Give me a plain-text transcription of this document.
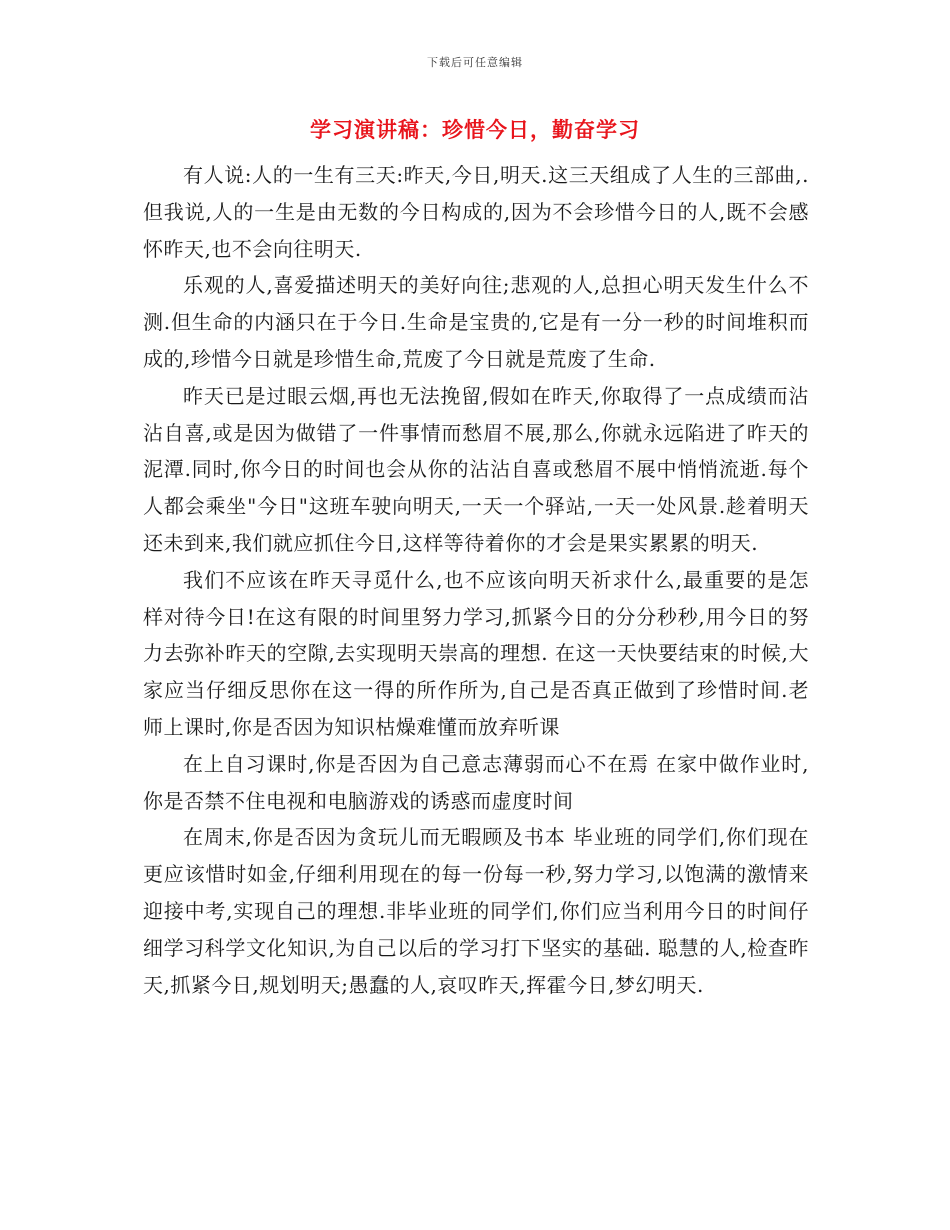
下载后可任意编辑
学习演讲稿：珍惜今日，勤奋学习

有人说:人的一生有三天:昨天,今日,明天.这三天组成了人生的三部曲,.但我说,人的一生是由无数的今日构成的,因为不会珍惜今日的人,既不会感怀昨天,也不会向往明天.

乐观的人,喜爱描述明天的美好向往;悲观的人,总担心明天发生什么不测.但生命的内涵只在于今日.生命是宝贵的,它是有一分一秒的时间堆积而成的,珍惜今日就是珍惜生命,荒废了今日就是荒废了生命.

昨天已是过眼云烟,再也无法挽留,假如在昨天,你取得了一点成绩而沾沾自喜,或是因为做错了一件事情而愁眉不展,那么,你就永远陷进了昨天的泥潭.同时,你今日的时间也会从你的沾沾自喜或愁眉不展中悄悄流逝.每个人都会乘坐"今日"这班车驶向明天,一天一个驿站,一天一处风景.趁着明天还未到来,我们就应抓住今日,这样等待着你的才会是果实累累的明天.

我们不应该在昨天寻觅什么,也不应该向明天祈求什么,最重要的是怎样对待今日!在这有限的时间里努力学习,抓紧今日的分分秒秒,用今日的努力去弥补昨天的空隙,去实现明天崇高的理想. 在这一天快要结束的时候,大家应当仔细反思你在这一得的所作所为,自己是否真正做到了珍惜时间.老师上课时,你是否因为知识枯燥难懂而放弃听课

在上自习课时,你是否因为自己意志薄弱而心不在焉 在家中做作业时,你是否禁不住电视和电脑游戏的诱惑而虚度时间

在周末,你是否因为贪玩儿而无暇顾及书本 毕业班的同学们,你们现在更应该惜时如金,仔细利用现在的每一份每一秒,努力学习,以饱满的激情来迎接中考,实现自己的理想.非毕业班的同学们,你们应当利用今日的时间仔细学习科学文化知识,为自己以后的学习打下坚实的基础. 聪慧的人,检查昨天,抓紧今日,规划明天;愚蠢的人,哀叹昨天,挥霍今日,梦幻明天.
